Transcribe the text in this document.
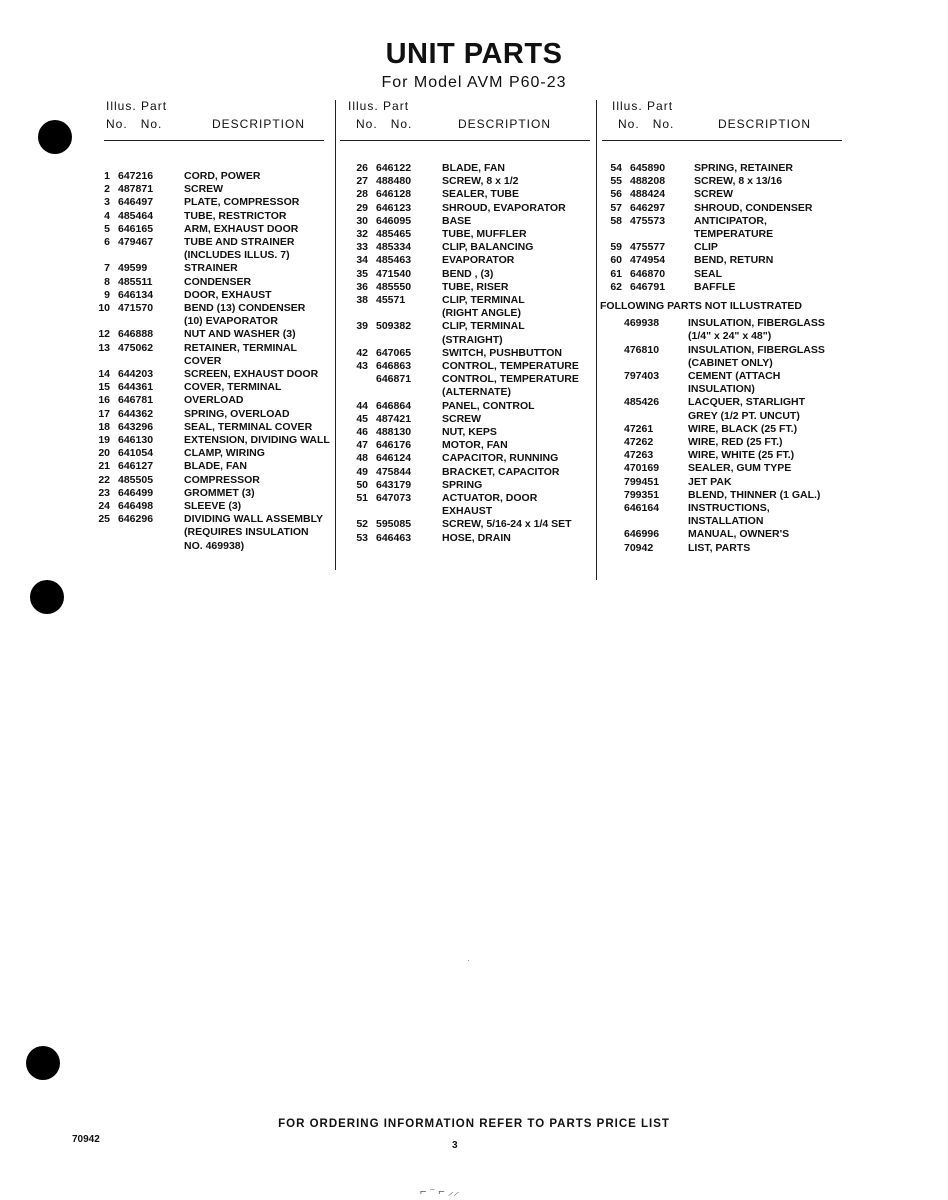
UNIT PARTS
For Model AVM P60-23
Illus. Part
No. No.	DESCRIPTION
1 647216	CORD, POWER
2 487871	SCREW
3 646497	PLATE, COMPRESSOR
4 485464	TUBE, RESTRICTOR
5 646165	ARM, EXHAUST DOOR
6 479467	TUBE AND STRAINER
(INCLUDES ILLUS. 7)
7 49599	STRAINER
8 485511	CONDENSER
9 646134	DOOR, EXHAUST
10 471570	BEND (13) CONDENSER
(10) EVAPORATOR
12 646888	NUT AND WASHER (3)
13 475062	RETAINER, TERMINAL
COVER
14 644203	SCREEN, EXHAUST DOOR
15 644361	COVER, TERMINAL
16 646781	OVERLOAD
17 644362	SPRING, OVERLOAD
18 643296	SEAL, TERMINAL COVER
19 646130	EXTENSION, DIVIDING WALL
20 641054	CLAMP, WIRING
21 646127	BLADE, FAN
22 485505	COMPRESSOR
23 646499	GROMMET (3)
24 646498	SLEEVE (3)
25 646296	DIVIDING WALL ASSEMBLY
(REQUIRES INSULATION
NO. 469938)
Illus. Part
No. No.	DESCRIPTION
26 646122	BLADE, FAN
27 488480	SCREW, 8 x 1/2
28 646128	SEALER, TUBE
29 646123	SHROUD, EVAPORATOR
30 646095	BASE
32 485465	TUBE, MUFFLER
33 485334	CLIP, BALANCING
34 485463	EVAPORATOR
35 471540	BEND , (3)
36 485550	TUBE, RISER
38 45571	CLIP, TERMINAL
(RIGHT ANGLE)
39 509382	CLIP, TERMINAL
(STRAIGHT)
42 647065	SWITCH, PUSHBUTTON
43 646863	CONTROL, TEMPERATURE
646871	CONTROL, TEMPERATURE
(ALTERNATE)
44 646864	PANEL, CONTROL
45 487421	SCREW
46 488130	NUT, KEPS
47 646176	MOTOR, FAN
48 646124	CAPACITOR, RUNNING
49 475844	BRACKET, CAPACITOR
50 643179	SPRING
51 647073	ACTUATOR, DOOR
EXHAUST
52 595085	SCREW, 5/16-24 x 1/4 SET
53 646463	HOSE, DRAIN
Illus. Part
No. No.	DESCRIPTION
54 645890	SPRING, RETAINER
55 488208	SCREW, 8 x 13/16
56 488424	SCREW
57 646297	SHROUD, CONDENSER
58 475573	ANTICIPATOR,
TEMPERATURE
59 475577	CLIP
60 474954	BEND, RETURN
61 646870	SEAL
62 646791	BAFFLE
FOLLOWING PARTS NOT ILLUSTRATED
469938	INSULATION, FIBERGLASS
(1/4" x 24" x 48")
476810	INSULATION, FIBERGLASS
(CABINET ONLY)
797403	CEMENT (ATTACH
INSULATION)
485426	LACQUER, STARLIGHT
GREY (1/2 PT. UNCUT)
47261	WIRE, BLACK (25 FT.)
47262	WIRE, RED (25 FT.)
47263	WIRE, WHITE (25 FT.)
470169	SEALER, GUM TYPE
799451	JET PAK
799351	BLEND, THINNER (1 GAL.)
646164	INSTRUCTIONS,
INSTALLATION
646996	MANUAL, OWNER'S
70942	LIST, PARTS
·
FOR ORDERING INFORMATION REFER TO PARTS PRICE LIST
70942
3
⌐ ⁻ ⌐ ⸝⸝
